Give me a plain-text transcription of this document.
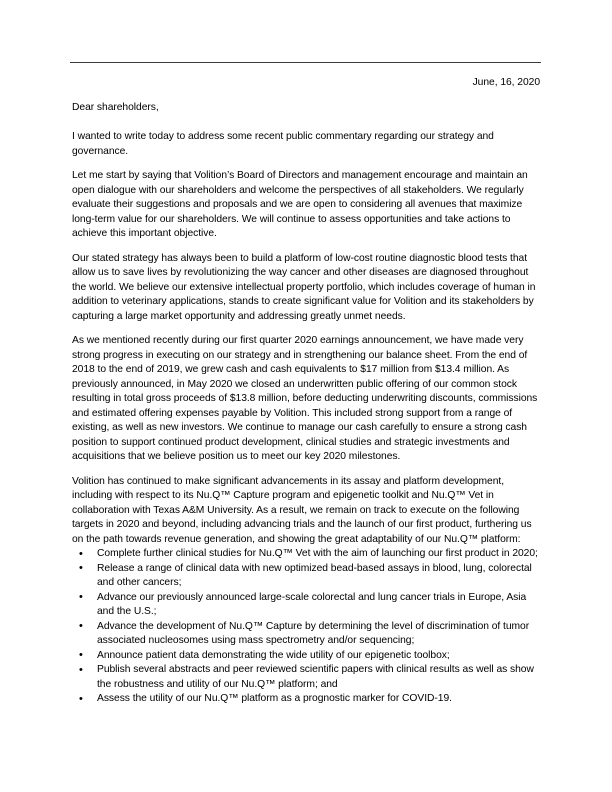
June, 16, 2020

Dear shareholders,

I wanted to write today to address some recent public commentary regarding our strategy and governance.

Let me start by saying that Volition’s Board of Directors and management encourage and maintain an open dialogue with our shareholders and welcome the perspectives of all stakeholders. We regularly evaluate their suggestions and proposals and we are open to considering all avenues that maximize long-term value for our shareholders. We will continue to assess opportunities and take actions to achieve this important objective.

Our stated strategy has always been to build a platform of low-cost routine diagnostic blood tests that allow us to save lives by revolutionizing the way cancer and other diseases are diagnosed throughout the world. We believe our extensive intellectual property portfolio, which includes coverage of human in addition to veterinary applications, stands to create significant value for Volition and its stakeholders by capturing a large market opportunity and addressing greatly unmet needs.

As we mentioned recently during our first quarter 2020 earnings announcement, we have made very strong progress in executing on our strategy and in strengthening our balance sheet. From the end of 2018 to the end of 2019, we grew cash and cash equivalents to $17 million from $13.4 million. As previously announced, in May 2020 we closed an underwritten public offering of our common stock resulting in total gross proceeds of $13.8 million, before deducting underwriting discounts, commissions and estimated offering expenses payable by Volition. This included strong support from a range of existing, as well as new investors. We continue to manage our cash carefully to ensure a strong cash position to support continued product development, clinical studies and strategic investments and acquisitions that we believe position us to meet our key 2020 milestones.

Volition has continued to make significant advancements in its assay and platform development, including with respect to its Nu.Q™ Capture program and epigenetic toolkit and Nu.Q™ Vet in collaboration with Texas A&M University. As a result, we remain on track to execute on the following targets in 2020 and beyond, including advancing trials and the launch of our first product, furthering us on the path towards revenue generation, and showing the great adaptability of our Nu.Q™ platform:

• Complete further clinical studies for Nu.Q™ Vet with the aim of launching our first product in 2020;
• Release a range of clinical data with new optimized bead-based assays in blood, lung, colorectal and other cancers;
• Advance our previously announced large-scale colorectal and lung cancer trials in Europe, Asia and the U.S.;
• Advance the development of Nu.Q™ Capture by determining the level of discrimination of tumor associated nucleosomes using mass spectrometry and/or sequencing;
• Announce patient data demonstrating the wide utility of our epigenetic toolbox;
• Publish several abstracts and peer reviewed scientific papers with clinical results as well as show the robustness and utility of our Nu.Q™ platform; and
• Assess the utility of our Nu.Q™ platform as a prognostic marker for COVID-19.
